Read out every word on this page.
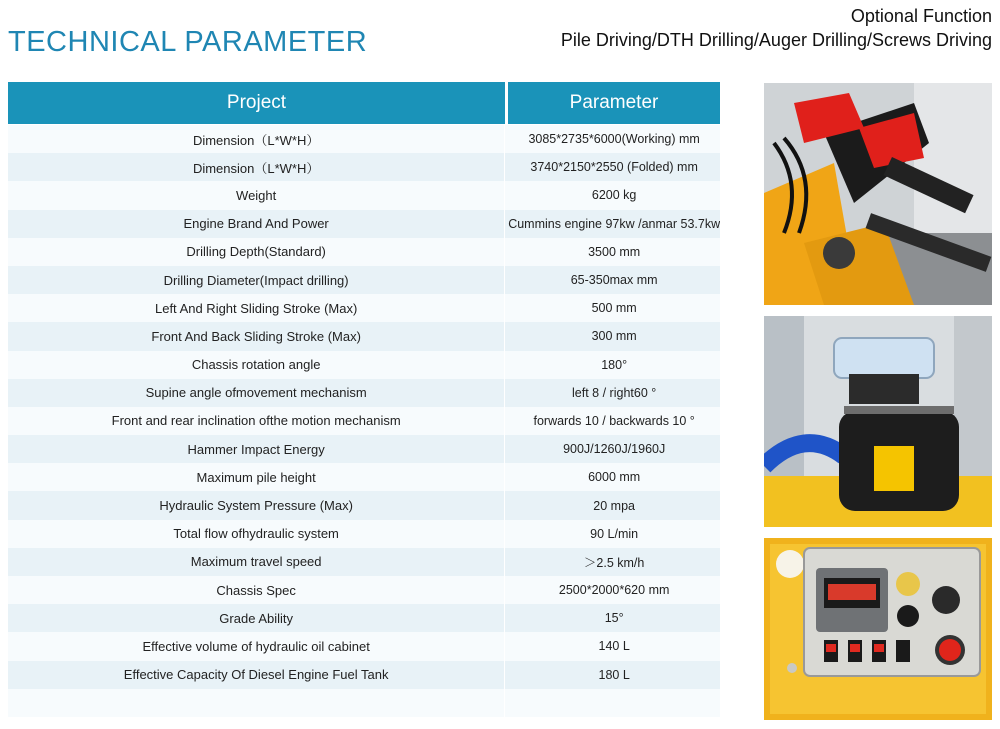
TECHNICAL PARAMETER
Optional Function
Pile Driving/DTH Drilling/Auger Drilling/Screws Driving
Project	Parameter
Dimension（L*W*H）	3085*2735*6000(Working) mm
Dimension（L*W*H）	3740*2150*2550 (Folded) mm
Weight	6200 kg
Engine Brand And Power	Cummins engine 97kw /anmar 53.7kw
Drilling Depth(Standard)	3500 mm
Drilling Diameter(Impact drilling)	65-350max mm
Left And Right Sliding Stroke (Max)	500 mm
Front And Back Sliding Stroke (Max)	300 mm
Chassis rotation angle	180°
Supine angle ofmovement mechanism	left 8 / right60 °
Front and rear inclination ofthe motion mechanism	forwards 10 / backwards 10 °
Hammer Impact Energy	900J/1260J/1960J
Maximum pile height	6000 mm
Hydraulic System Pressure (Max)	20 mpa
Total flow ofhydraulic system	90 L/min
Maximum travel speed	＞2.5 km/h
Chassis Spec	2500*2000*620 mm
Grade Ability	15°
Effective volume of hydraulic oil cabinet	140 L
Effective Capacity Of Diesel Engine Fuel Tank	180 L
